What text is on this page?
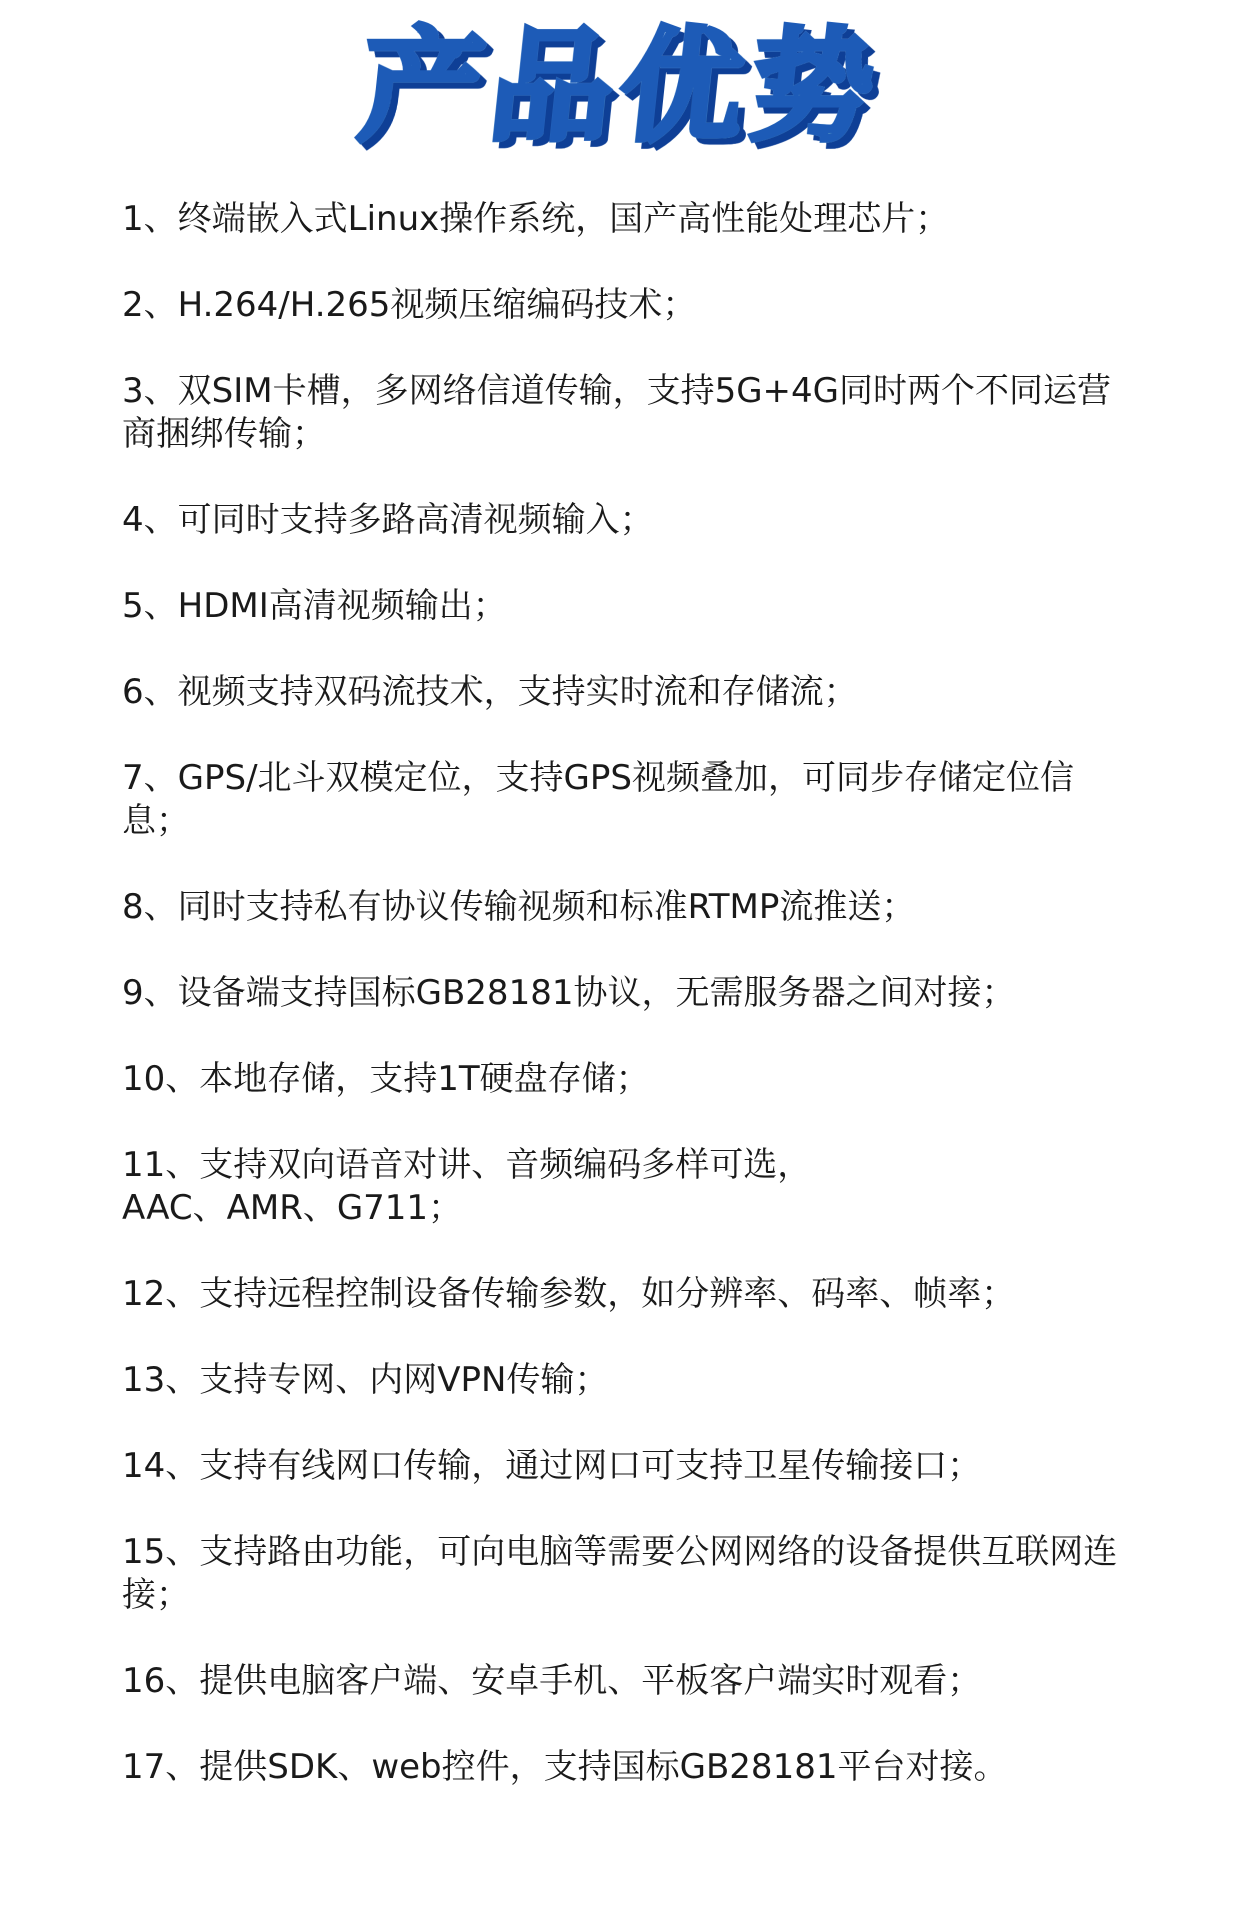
产品优势
1、终端嵌入式Linux操作系统，国产高性能处理芯片；
2、H.264/H.265视频压缩编码技术；
3、双SIM卡槽，多网络信道传输，支持5G+4G同时两个不同运营商捆绑传输；
4、可同时支持多路高清视频输入；
5、HDMI高清视频输出；
6、视频支持双码流技术，支持实时流和存储流；
7、GPS/北斗双模定位，支持GPS视频叠加，可同步存储定位信息；
8、同时支持私有协议传输视频和标准RTMP流推送；
9、设备端支持国标GB28181协议，无需服务器之间对接；
10、本地存储，支持1T硬盘存储；
11、支持双向语音对讲、音频编码多样可选，
AAC、AMR、G711；
12、支持远程控制设备传输参数，如分辨率、码率、帧率；
13、支持专网、内网VPN传输；
14、支持有线网口传输，通过网口可支持卫星传输接口；
15、支持路由功能，可向电脑等需要公网网络的设备提供互联网连接；
16、提供电脑客户端、安卓手机、平板客户端实时观看；
17、提供SDK、web控件，支持国标GB28181平台对接。
